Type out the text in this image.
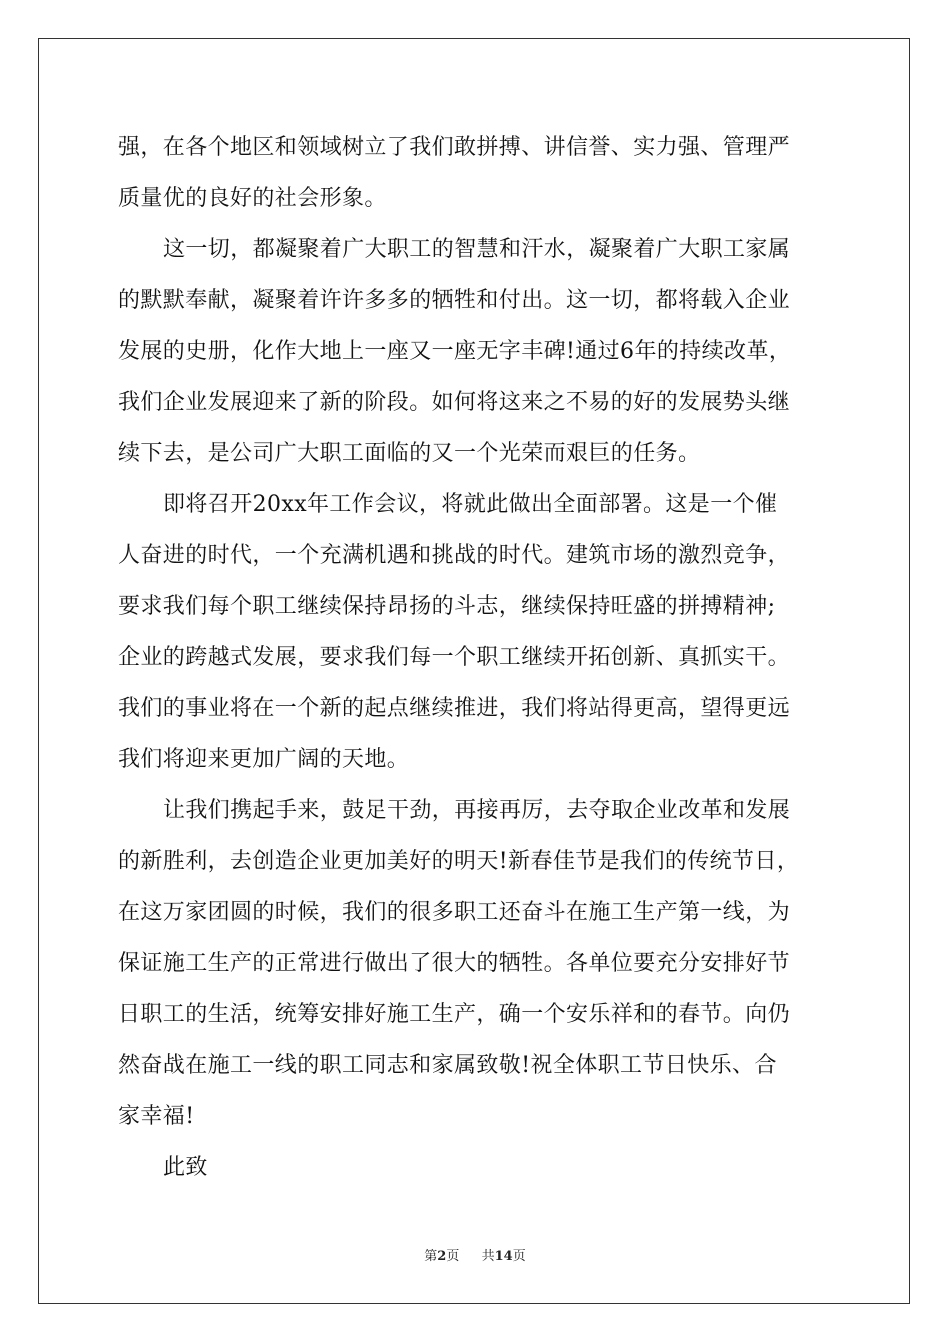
强，在各个地区和领域树立了我们敢拼搏、讲信誉、实力强、管理严
质量优的良好的社会形象。
这一切，都凝聚着广大职工的智慧和汗水，凝聚着广大职工家属
的默默奉献，凝聚着许许多多的牺牲和付出。这一切，都将载入企业
发展的史册，化作大地上一座又一座无字丰碑!通过6年的持续改革，
我们企业发展迎来了新的阶段。如何将这来之不易的好的发展势头继
续下去，是公司广大职工面临的又一个光荣而艰巨的任务。
即将召开20xx年工作会议，将就此做出全面部署。这是一个催
人奋进的时代，一个充满机遇和挑战的时代。建筑市场的激烈竞争，
要求我们每个职工继续保持昂扬的斗志，继续保持旺盛的拼搏精神;
企业的跨越式发展，要求我们每一个职工继续开拓创新、真抓实干。
我们的事业将在一个新的起点继续推进，我们将站得更高，望得更远
我们将迎来更加广阔的天地。
让我们携起手来，鼓足干劲，再接再厉，去夺取企业改革和发展
的新胜利，去创造企业更加美好的明天!新春佳节是我们的传统节日，
在这万家团圆的时候，我们的很多职工还奋斗在施工生产第一线，为
保证施工生产的正常进行做出了很大的牺牲。各单位要充分安排好节
日职工的生活，统筹安排好施工生产，确一个安乐祥和的春节。向仍
然奋战在施工一线的职工同志和家属致敬!祝全体职工节日快乐、合
家幸福!
此致
第2页 共14页
